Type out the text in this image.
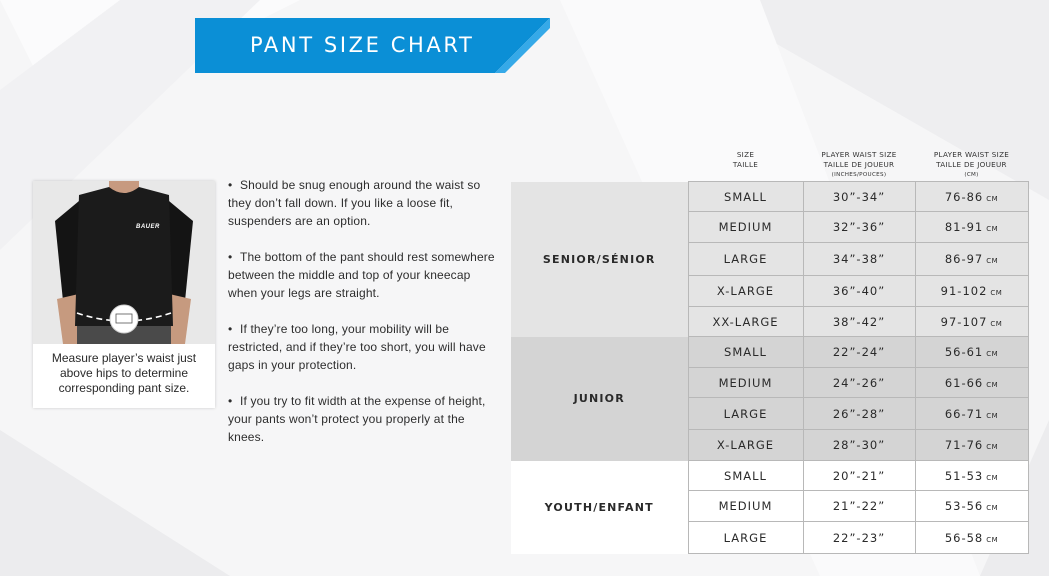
PANT SIZE CHART
BAUER
Measure player’s waist just above hips to determine corresponding pant size.
• Should be snug enough around the waist so they don’t fall down. If you like a loose fit, suspenders are an option.
• The bottom of the pant should rest somewhere between the middle and top of your kneecap when your legs are straight.
• If they’re too long, your mobility will be restricted, and if they’re too short, you will have gaps in your protection.
• If you try to fit width at the expense of height, your pants won’t protect you properly at the knees.
SIZE
TAILLE
PLAYER WAIST SIZE
TAILLE DE JOUEUR

(INCHES/POUCES)
PLAYER WAIST SIZE
TAILLE DE JOUEUR

(CM)
SENIOR/SÉNIOR	SMALL	30”-34”	76-86 CM
	MEDIUM	32”-36”	81-91 CM
	LARGE	34”-38”	86-97 CM
	X-LARGE	36”-40”	91-102 CM
	XX-LARGE	38”-42”	97-107 CM
JUNIOR	SMALL	22”-24”	56-61 CM
	MEDIUM	24”-26”	61-66 CM
	LARGE	26”-28”	66-71 CM
	X-LARGE	28”-30”	71-76 CM
YOUTH/ENFANT	SMALL	20”-21”	51-53 CM
	MEDIUM	21”-22”	53-56 CM
	LARGE	22”-23”	56-58 CM
